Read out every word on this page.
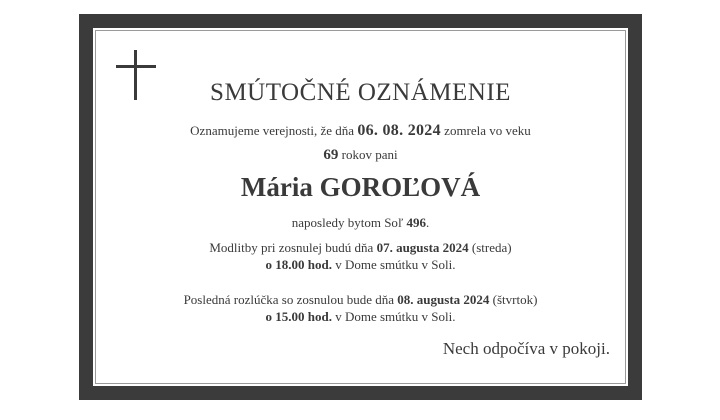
SMÚTOČNÉ OZNÁMENIE
Oznamujeme verejnosti, že dňa 06. 08. 2024 zomrela vo veku
69 rokov pani
Mária GOROĽOVÁ
naposledy bytom Soľ 496.
Modlitby pri zosnulej budú dňa 07. augusta 2024 (streda)
o 18.00 hod. v Dome smútku v Soli.
Posledná rozlúčka so zosnulou bude dňa 08. augusta 2024 (štvrtok)
o 15.00 hod. v Dome smútku v Soli.
Nech odpočíva v pokoji.
